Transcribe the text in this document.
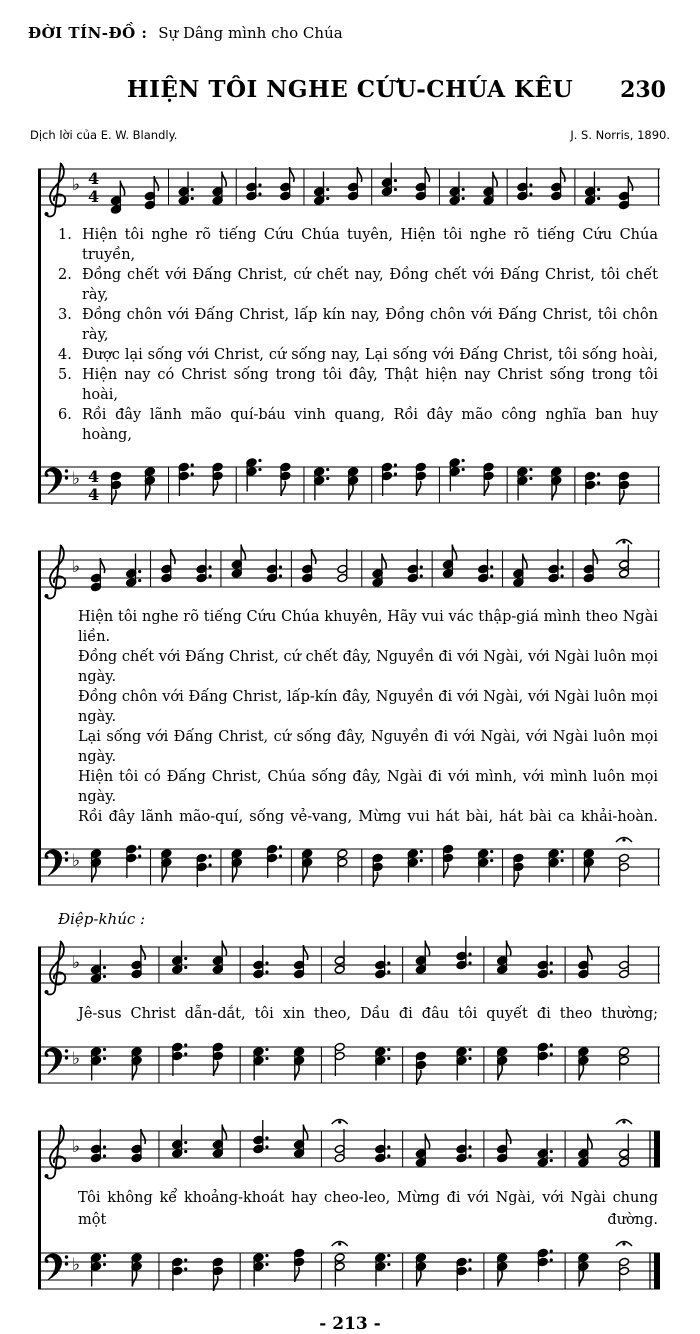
ĐỜI TÍN-ĐỒ : Sự Dâng mình cho Chúa
HIỆN TÔI NGHE CỨU-CHÚA KÊU 230
Dịch lời của E. W. Blandly.	J. S. Norris, 1890.
♭ 4
4
1. Hiện tôi nghe rõ tiếng Cứu Chúa tuyên, Hiện tôi nghe rõ tiếng Cứu Chúa truyền,
2. Đồng chết với Đấng Christ, cứ chết nay, Đồng chết với Đấng Christ, tôi chết rày,
3. Đồng chôn với Đấng Christ, lấp kín nay, Đồng chôn với Đấng Christ, tôi chôn rày,
4. Được lại sống với Christ, cứ sống nay, Lại sống với Đấng Christ, tôi sống hoài,
5. Hiện nay có Christ sống trong tôi đây, Thật hiện nay Christ sống trong tôi hoài,
6. Rồi đây lãnh mão quí-báu vinh quang, Rồi đây mão công nghĩa ban huy hoàng,
♭ 4
4
♭
Hiện tôi nghe rõ tiếng Cứu Chúa khuyên, Hãy vui vác thập-giá mình theo Ngài liền.
Đồng chết với Đấng Christ, cứ chết đây, Nguyền đi với Ngài, với Ngài luôn mọi ngày.
Đồng chôn với Đấng Christ, lấp-kín đây, Nguyền đi với Ngài, với Ngài luôn mọi ngày.
Lại sống với Đấng Christ, cứ sống đây, Nguyền đi với Ngài, với Ngài luôn mọi ngày.
Hiện tôi có Đấng Christ, Chúa sống đây, Ngài đi với mình, với mình luôn mọi ngày.
Rồi đây lãnh mão-quí, sống vẻ-vang, Mừng vui hát bài, hát bài ca khải-hoàn.
♭
Điệp-khúc :
♭
Jê-sus Christ dẫn-dắt, tôi xin theo, Dầu đi đâu tôi quyết đi theo thường;
♭
♭
Tôi không kể khoảng-khoát hay cheo-leo, Mừng đi với Ngài, với Ngài chung một đường.
♭
- 213 -
